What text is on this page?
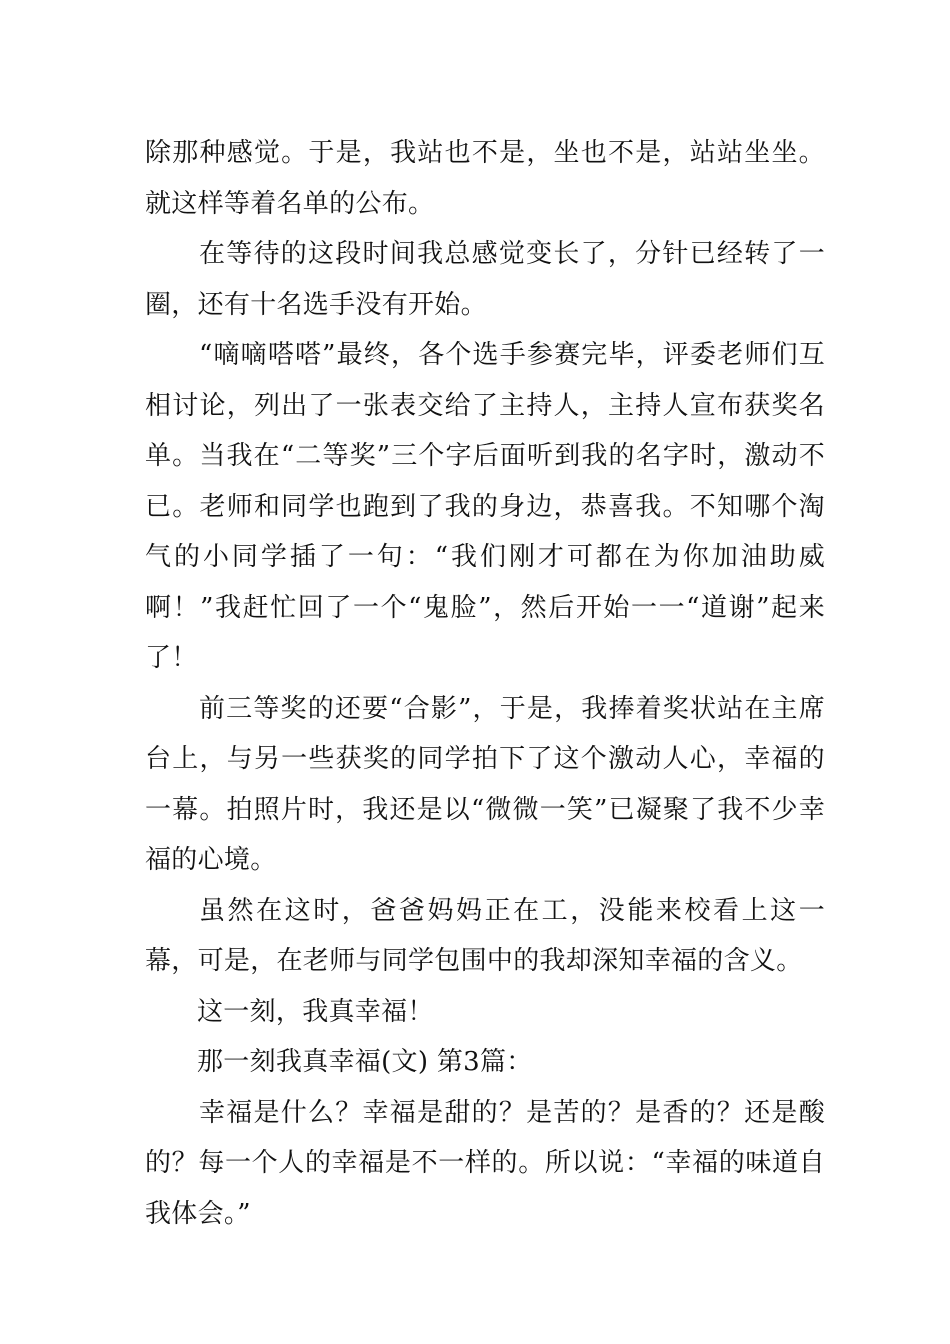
除那种感觉。于是，我站也不是，坐也不是，站站坐坐。就这样等着名单的公布。

在等待的这段时间我总感觉变长了，分针已经转了一圈，还有十名选手没有开始。

“嘀嘀嗒嗒”最终，各个选手参赛完毕，评委老师们互相讨论，列出了一张表交给了主持人，主持人宣布获奖名单。当我在“二等奖”三个字后面听到我的名字时，激动不已。老师和同学也跑到了我的身边，恭喜我。不知哪个淘气的小同学插了一句：“我们刚才可都在为你加油助威啊！”我赶忙回了一个“鬼脸”，然后开始一一“道谢”起来了！

前三等奖的还要“合影”，于是，我捧着奖状站在主席台上，与另一些获奖的同学拍下了这个激动人心，幸福的一幕。拍照片时，我还是以“微微一笑”已凝聚了我不少幸福的心境。

虽然在这时，爸爸妈妈正在工，没能来校看上这一幕，可是，在老师与同学包围中的我却深知幸福的含义。

这一刻，我真幸福！

那一刻我真幸福(文) 第3篇：

幸福是什么？幸福是甜的？是苦的？是香的？还是酸的？每一个人的幸福是不一样的。所以说：“幸福的味道自我体会。”
